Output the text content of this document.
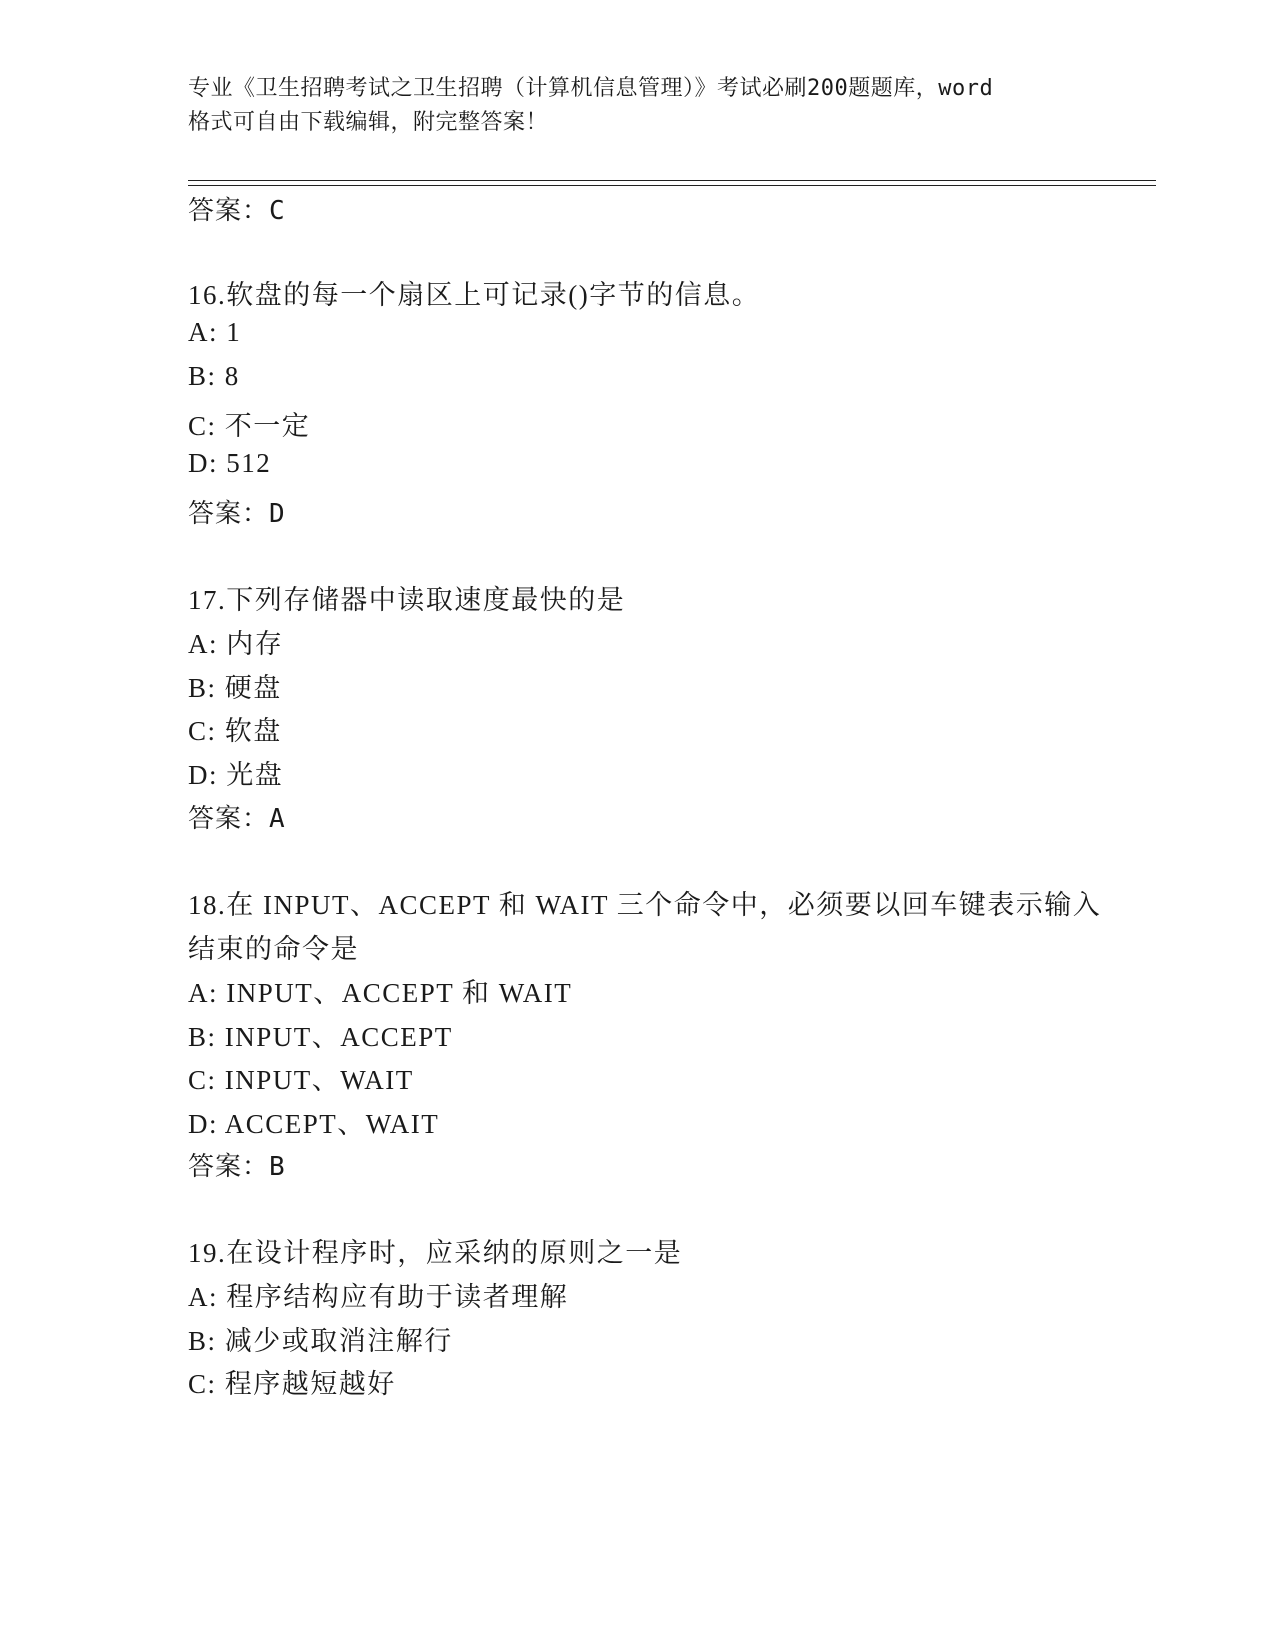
专业《卫生招聘考试之卫生招聘（计算机信息管理）》考试必刷200题题库，word
格式可自由下载编辑，附完整答案！
答案：C
16.软盘的每一个扇区上可记录()字节的信息。
A: 1
B: 8
C: 不一定
D: 512
答案：D
17.下列存储器中读取速度最快的是
A: 内存
B: 硬盘
C: 软盘
D: 光盘
答案：A
18.在 INPUT、ACCEPT 和 WAIT 三个命令中，必须要以回车键表示输入
结束的命令是
A: INPUT、ACCEPT 和 WAIT
B: INPUT、ACCEPT
C: INPUT、WAIT
D: ACCEPT、WAIT
答案：B
19.在设计程序时，应采纳的原则之一是
A: 程序结构应有助于读者理解
B: 减少或取消注解行
C: 程序越短越好
